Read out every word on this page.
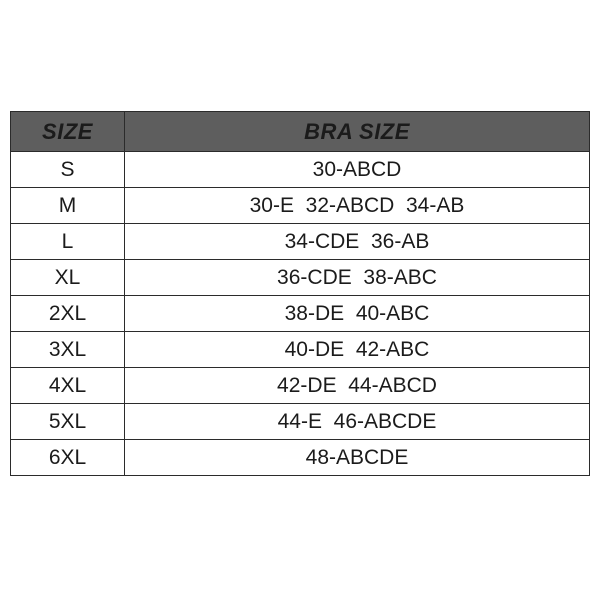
SIZE	BRA SIZE
S	30-ABCD
M	30-E  32-ABCD  34-AB
L	34-CDE  36-AB
XL	36-CDE  38-ABC
2XL	38-DE  40-ABC
3XL	40-DE  42-ABC
4XL	42-DE  44-ABCD
5XL	44-E  46-ABCDE
6XL	48-ABCDE
